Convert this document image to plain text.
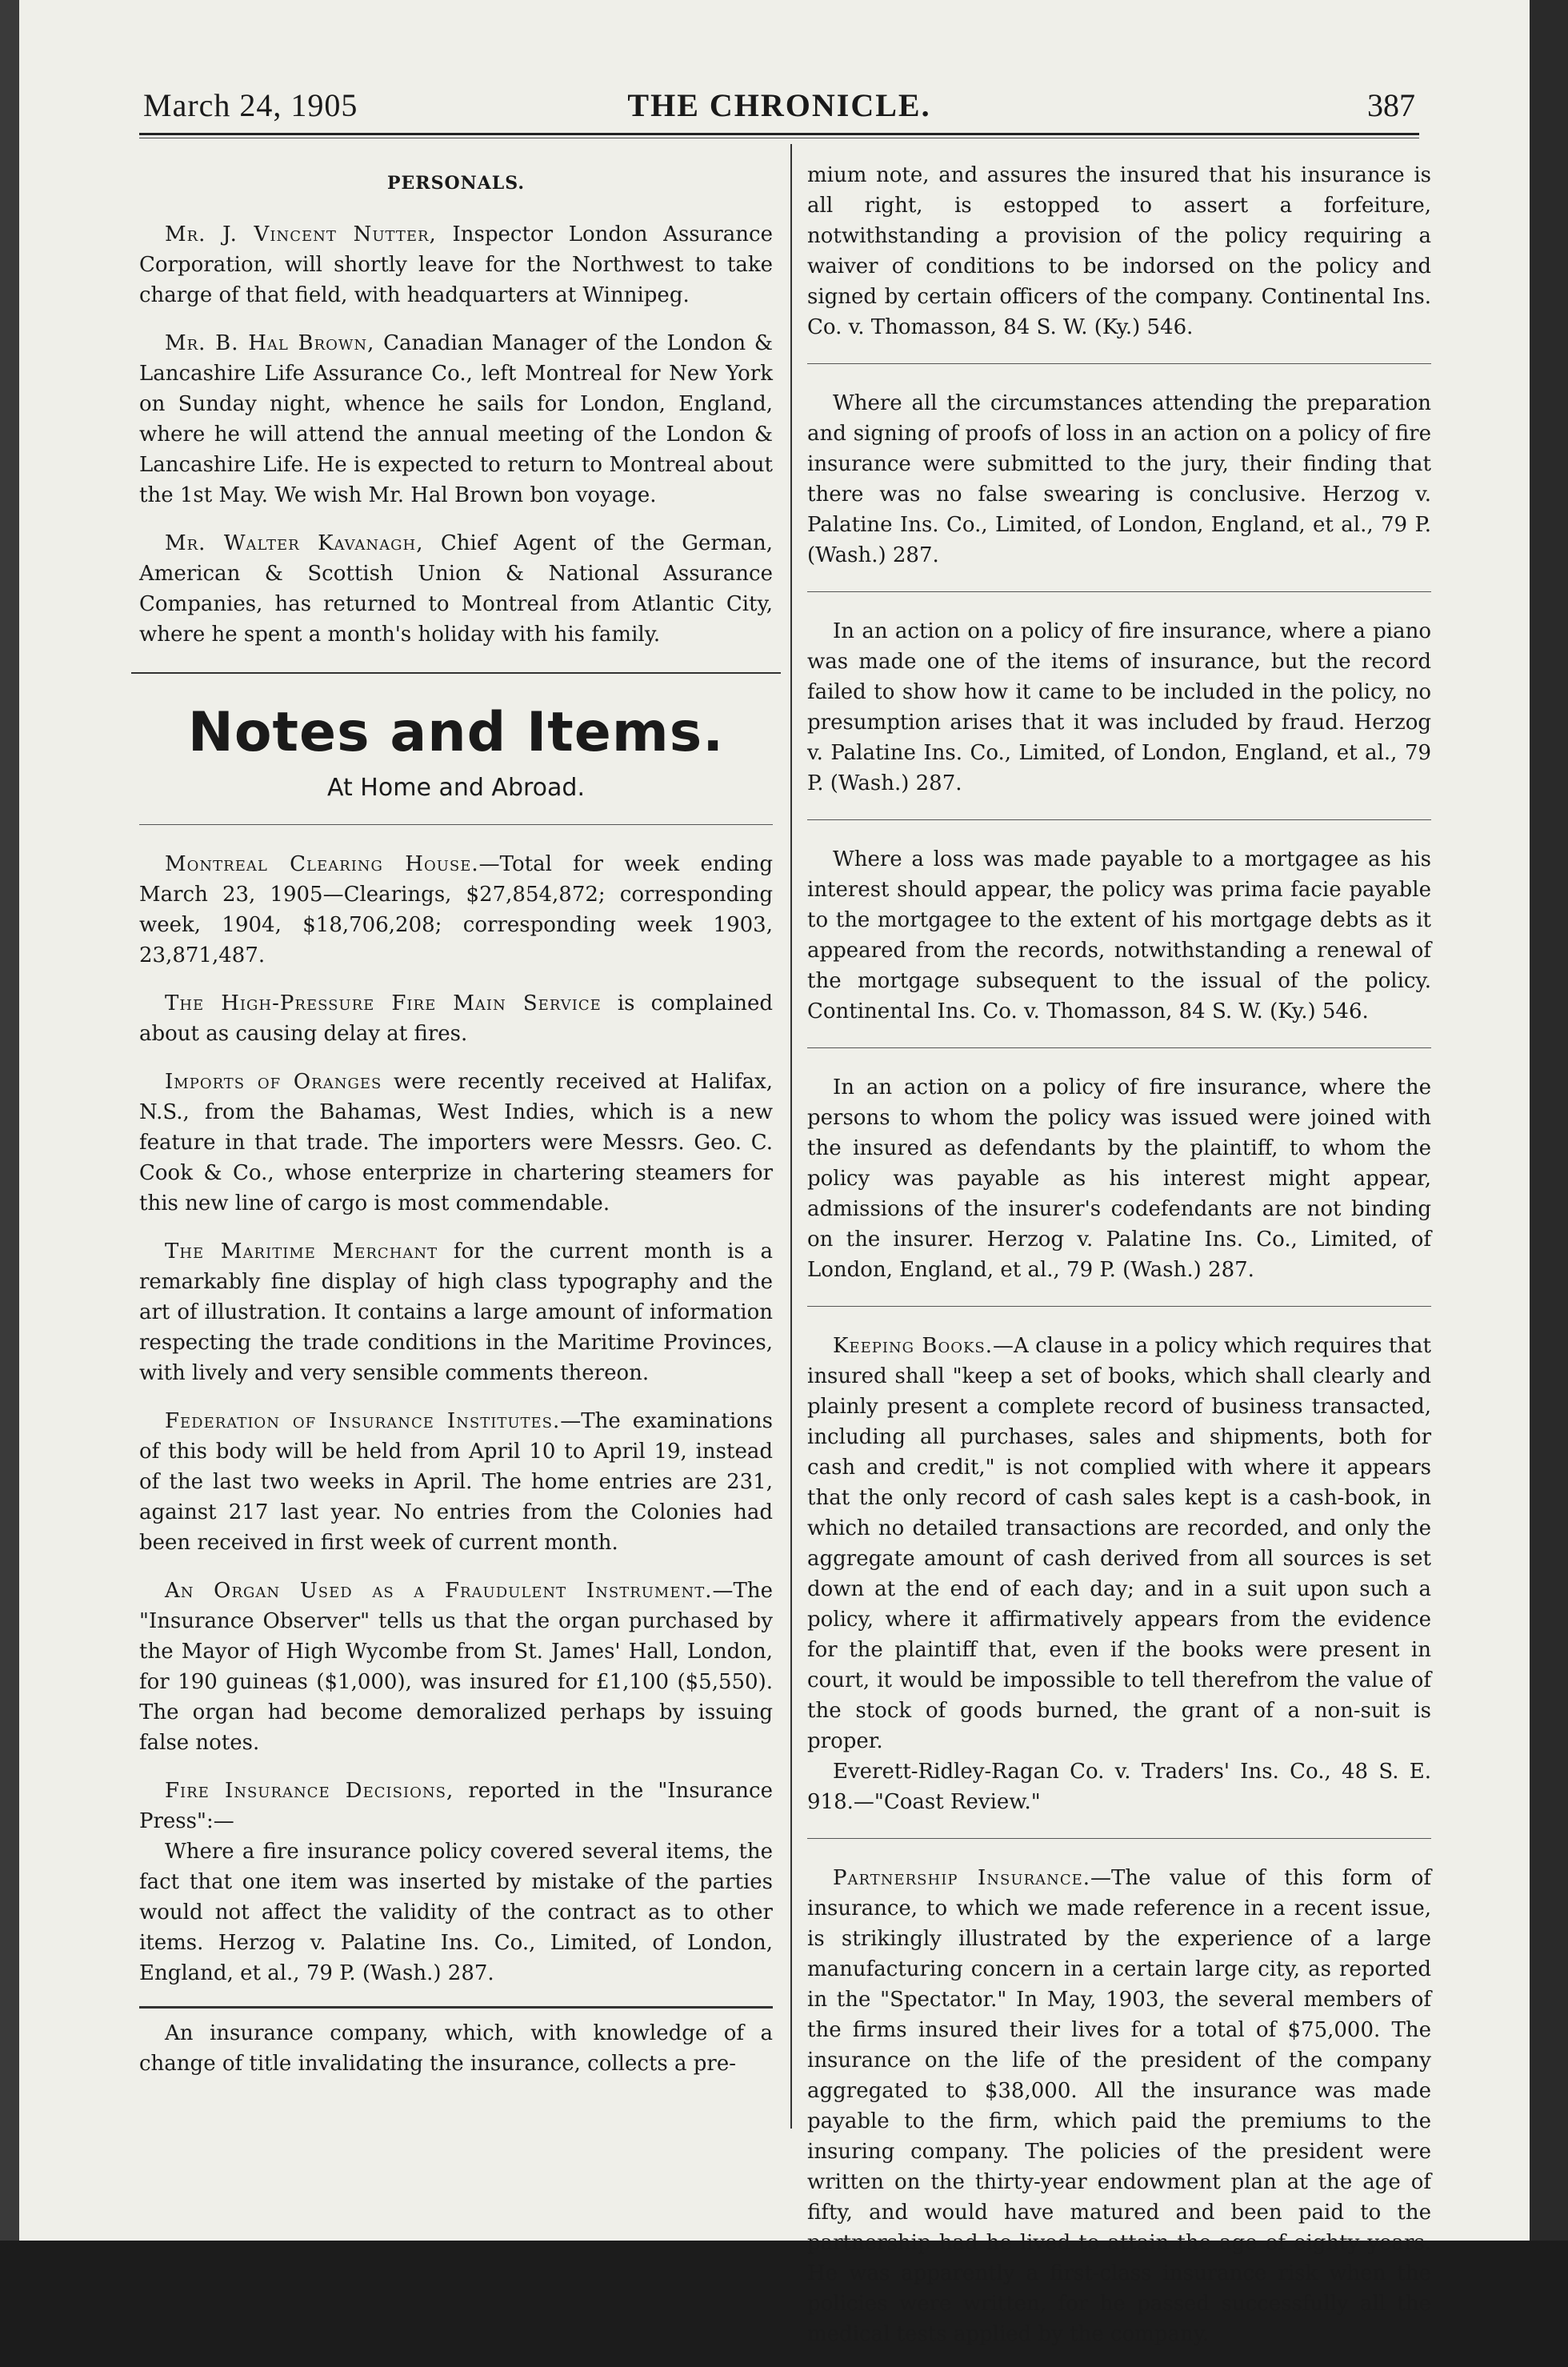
March 24, 1905	THE CHRONICLE.	387
PERSONALS.

Mr. J. Vincent Nutter, Inspector London Assurance Corporation, will shortly leave for the Northwest to take charge of that field, with headquarters at Winnipeg.

Mr. B. Hal Brown, Canadian Manager of the London & Lancashire Life Assurance Co., left Montreal for New York on Sunday night, whence he sails for London, England, where he will attend the annual meeting of the London & Lancashire Life. He is expected to return to Montreal about the 1st May. We wish Mr. Hal Brown bon voyage.

Mr. Walter Kavanagh, Chief Agent of the German, American & Scottish Union & National Assurance Companies, has returned to Montreal from Atlantic City, where he spent a month's holiday with his family.

Notes and Items.
At Home and Abroad.

Montreal Clearing House.—Total for week ending March 23, 1905—Clearings, $27,854,872; corresponding week, 1904, $18,706,208; corresponding week 1903, 23,871,487.

The High-Pressure Fire Main Service is complained about as causing delay at fires.

Imports of Oranges were recently received at Halifax, N.S., from the Bahamas, West Indies, which is a new feature in that trade. The importers were Messrs. Geo. C. Cook & Co., whose enterprize in chartering steamers for this new line of cargo is most commendable.

The Maritime Merchant for the current month is a remarkably fine display of high class typography and the art of illustration. It contains a large amount of information respecting the trade conditions in the Maritime Provinces, with lively and very sensible comments thereon.

Federation of Insurance Institutes.—The examinations of this body will be held from April 10 to April 19, instead of the last two weeks in April. The home entries are 231, against 217 last year. No entries from the Colonies had been received in first week of current month.

An Organ Used as a Fraudulent Instrument.—The "Insurance Observer" tells us that the organ purchased by the Mayor of High Wycombe from St. James' Hall, London, for 190 guineas ($1,000), was insured for £1,100 ($5,550). The organ had become demoralized perhaps by issuing false notes.

Fire Insurance Decisions, reported in the "Insurance Press":—

Where a fire insurance policy covered several items, the fact that one item was inserted by mistake of the parties would not affect the validity of the contract as to other items. Herzog v. Palatine Ins. Co., Limited, of London, England, et al., 79 P. (Wash.) 287.

An insurance company, which, with knowledge of a change of title invalidating the insurance, collects a pre-

mium note, and assures the insured that his insurance is all right, is estopped to assert a forfeiture, notwithstanding a provision of the policy requiring a waiver of conditions to be indorsed on the policy and signed by certain officers of the company. Continental Ins. Co. v. Thomasson, 84 S. W. (Ky.) 546.

Where all the circumstances attending the preparation and signing of proofs of loss in an action on a policy of fire insurance were submitted to the jury, their finding that there was no false swearing is conclusive. Herzog v. Palatine Ins. Co., Limited, of London, England, et al., 79 P. (Wash.) 287.

In an action on a policy of fire insurance, where a piano was made one of the items of insurance, but the record failed to show how it came to be included in the policy, no presumption arises that it was included by fraud. Herzog v. Palatine Ins. Co., Limited, of London, England, et al., 79 P. (Wash.) 287.

Where a loss was made payable to a mortgagee as his interest should appear, the policy was prima facie payable to the mortgagee to the extent of his mortgage debts as it appeared from the records, notwithstanding a renewal of the mortgage subsequent to the issual of the policy. Continental Ins. Co. v. Thomasson, 84 S. W. (Ky.) 546.

In an action on a policy of fire insurance, where the persons to whom the policy was issued were joined with the insured as defendants by the plaintiff, to whom the policy was payable as his interest might appear, admissions of the insurer's codefendants are not binding on the insurer. Herzog v. Palatine Ins. Co., Limited, of London, England, et al., 79 P. (Wash.) 287.

Keeping Books.—A clause in a policy which requires that insured shall "keep a set of books, which shall clearly and plainly present a complete record of business transacted, including all purchases, sales and shipments, both for cash and credit," is not complied with where it appears that the only record of cash sales kept is a cash-book, in which no detailed transactions are recorded, and only the aggregate amount of cash derived from all sources is set down at the end of each day; and in a suit upon such a policy, where it affirmatively appears from the evidence for the plaintiff that, even if the books were present in court, it would be impossible to tell therefrom the value of the stock of goods burned, the grant of a non-suit is proper.

Everett-Ridley-Ragan Co. v. Traders' Ins. Co., 48 S. E. 918.—"Coast Review."

Partnership Insurance.—The value of this form of insurance, to which we made reference in a recent issue, is strikingly illustrated by the experience of a large manufacturing concern in a certain large city, as reported in the "Spectator." In May, 1903, the several members of the firms insured their lives for a total of $75,000. The insurance on the life of the president of the company aggregated to $38,000. All the insurance was made payable to the firm, which paid the premiums to the insuring company. The policies of the president were written on the thirty-year endowment plan at the age of fifty, and would have matured and been paid to the partnership had he lived to attain the age of eighty years. He was apparently a first-class insurance risk when the policies were written, for he passed successfully all the medical tests applied by the company.
